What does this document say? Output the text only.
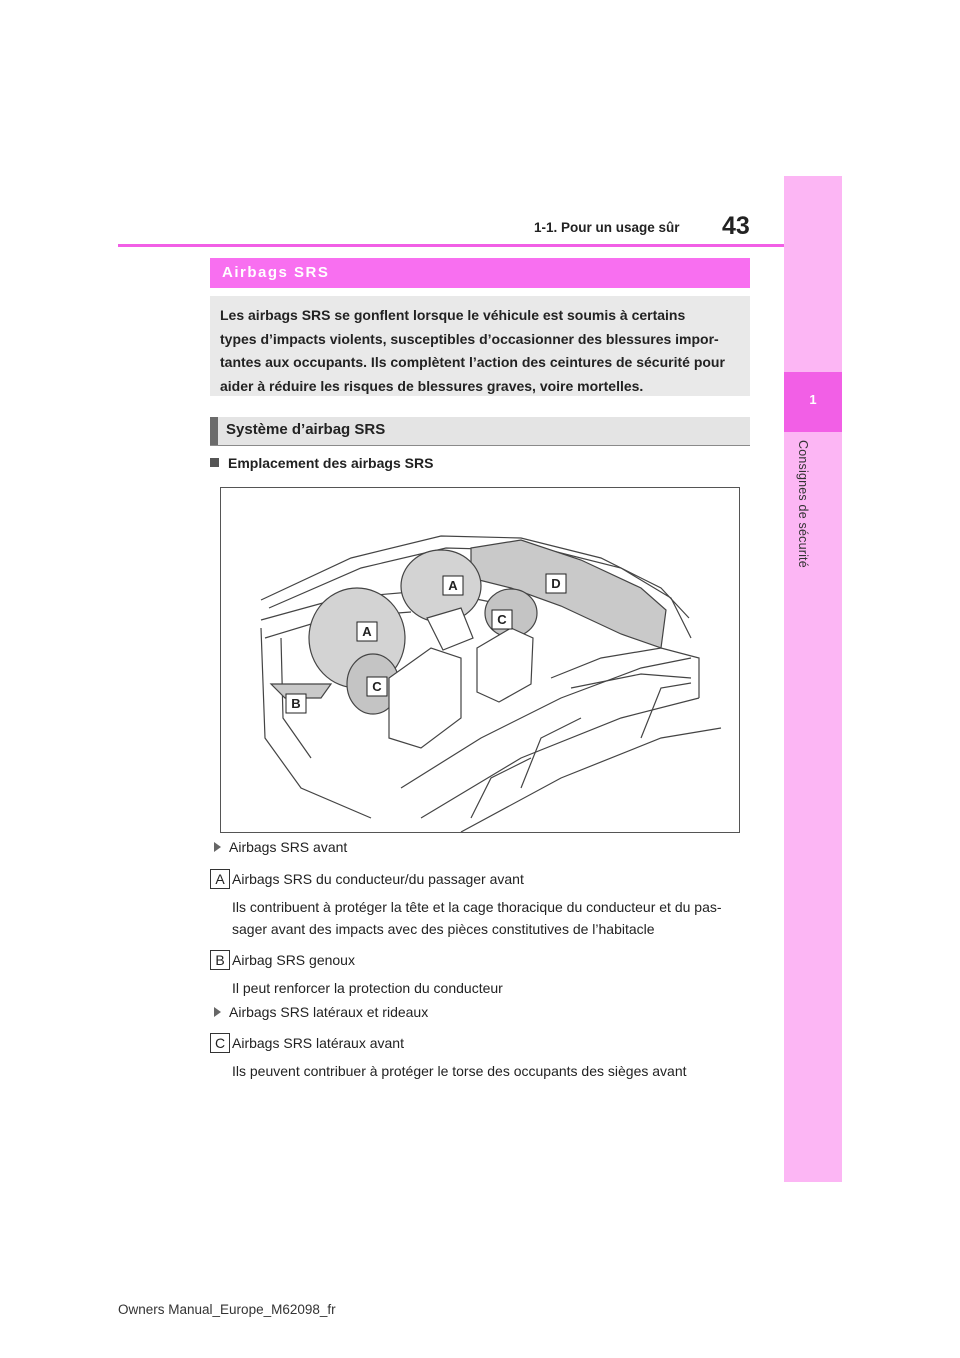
1
Consignes de sécurité
1-1. Pour un usage sûr 43
Airbags SRS
Les airbags SRS se gonflent lorsque le véhicule est soumis à certains
types d’impacts violents, susceptibles d’occasionner des blessures impor-
tantes aux occupants. Ils complètent l’action des ceintures de sécurité pour
aider à réduire les risques de blessures graves, voire mortelles.
Système d’airbag SRS
Emplacement des airbags SRS
A	D
C
A
C
B
Airbags SRS avant
A Airbags SRS du conducteur/du passager avant
Ils contribuent à protéger la tête et la cage thoracique du conducteur et du pas-
sager avant des impacts avec des pièces constitutives de l’habitacle
B Airbag SRS genoux
Il peut renforcer la protection du conducteur
Airbags SRS latéraux et rideaux
C Airbags SRS latéraux avant
Ils peuvent contribuer à protéger le torse des occupants des sièges avant
Owners Manual_Europe_M62098_fr
